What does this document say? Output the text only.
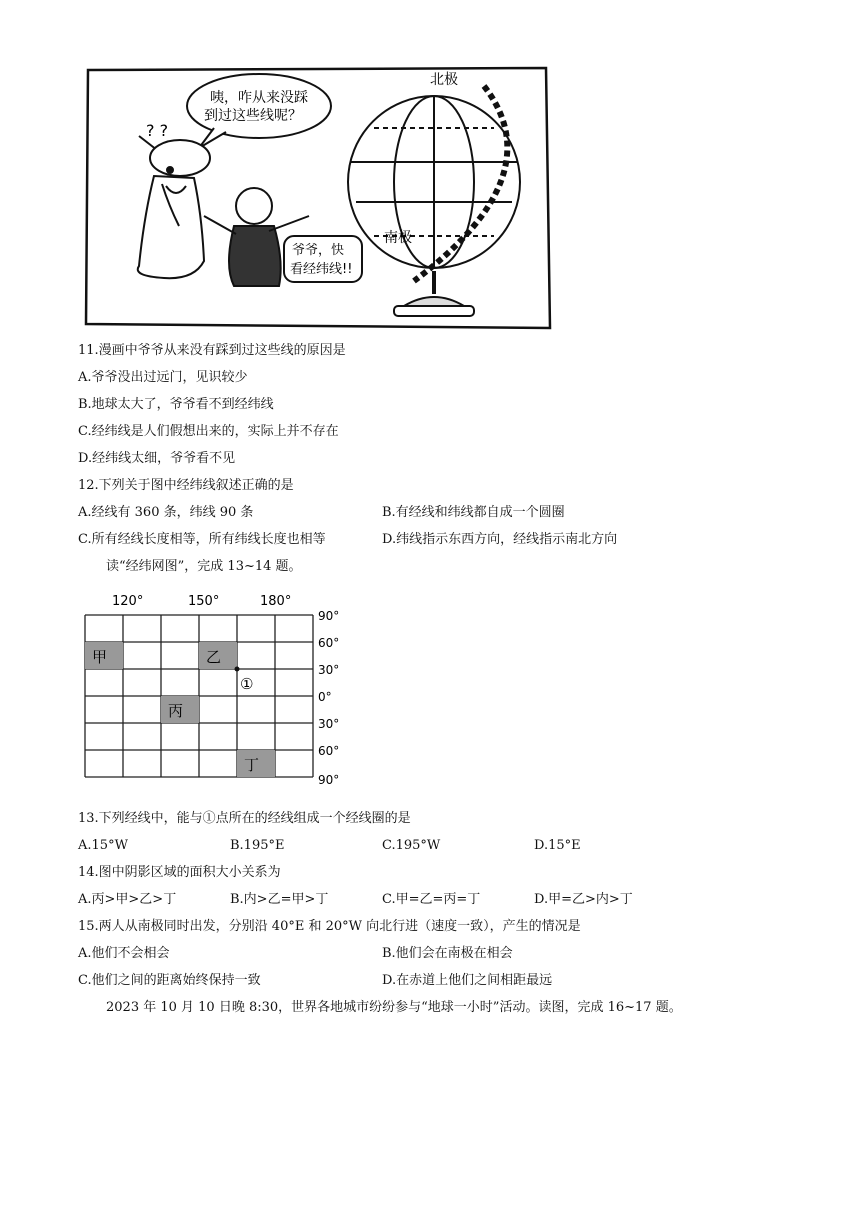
咦，咋从来没踩
到过这些线呢？
? ?
爷爷，快
看经纬线!!
北极
南极
11.漫画中爷爷从来没有踩到过这些线的原因是
A.爷爷没出过远门，见识较少
B.地球太大了，爷爷看不到经纬线
C.经纬线是人们假想出来的，实际上并不存在
D.经纬线太细，爷爷看不见
12.下列关于图中经纬线叙述正确的是
A.经线有 360 条，纬线 90 条	B.有经线和纬线都自成一个圆圈
C.所有经线长度相等，所有纬线长度也相等	D.纬线指示东西方向，经线指示南北方向
读“经纬网图”，完成 13~14 题。
甲	乙
丙
丁
①
120°	150°	180°
90°
60°
30°
0°
30°
60°
90°
13.下列经线中，能与①点所在的经线组成一个经线圈的是
A.15°W	B.195°E	C.195°W	D.15°E
14.图中阴影区域的面积大小关系为
A.丙>甲>乙>丁	B.内>乙=甲>丁	C.甲=乙=丙=丁	D.甲=乙>内>丁
15.两人从南极同时出发，分别沿 40°E 和 20°W 向北行进（速度一致），产生的情况是
A.他们不会相会	B.他们会在南极在相会
C.他们之间的距离始终保持一致	D.在赤道上他们之间相距最远
2023 年 10 月 10 日晚 8:30，世界各地城市纷纷参与“地球一小时”活动。读图，完成 16~17 题。
